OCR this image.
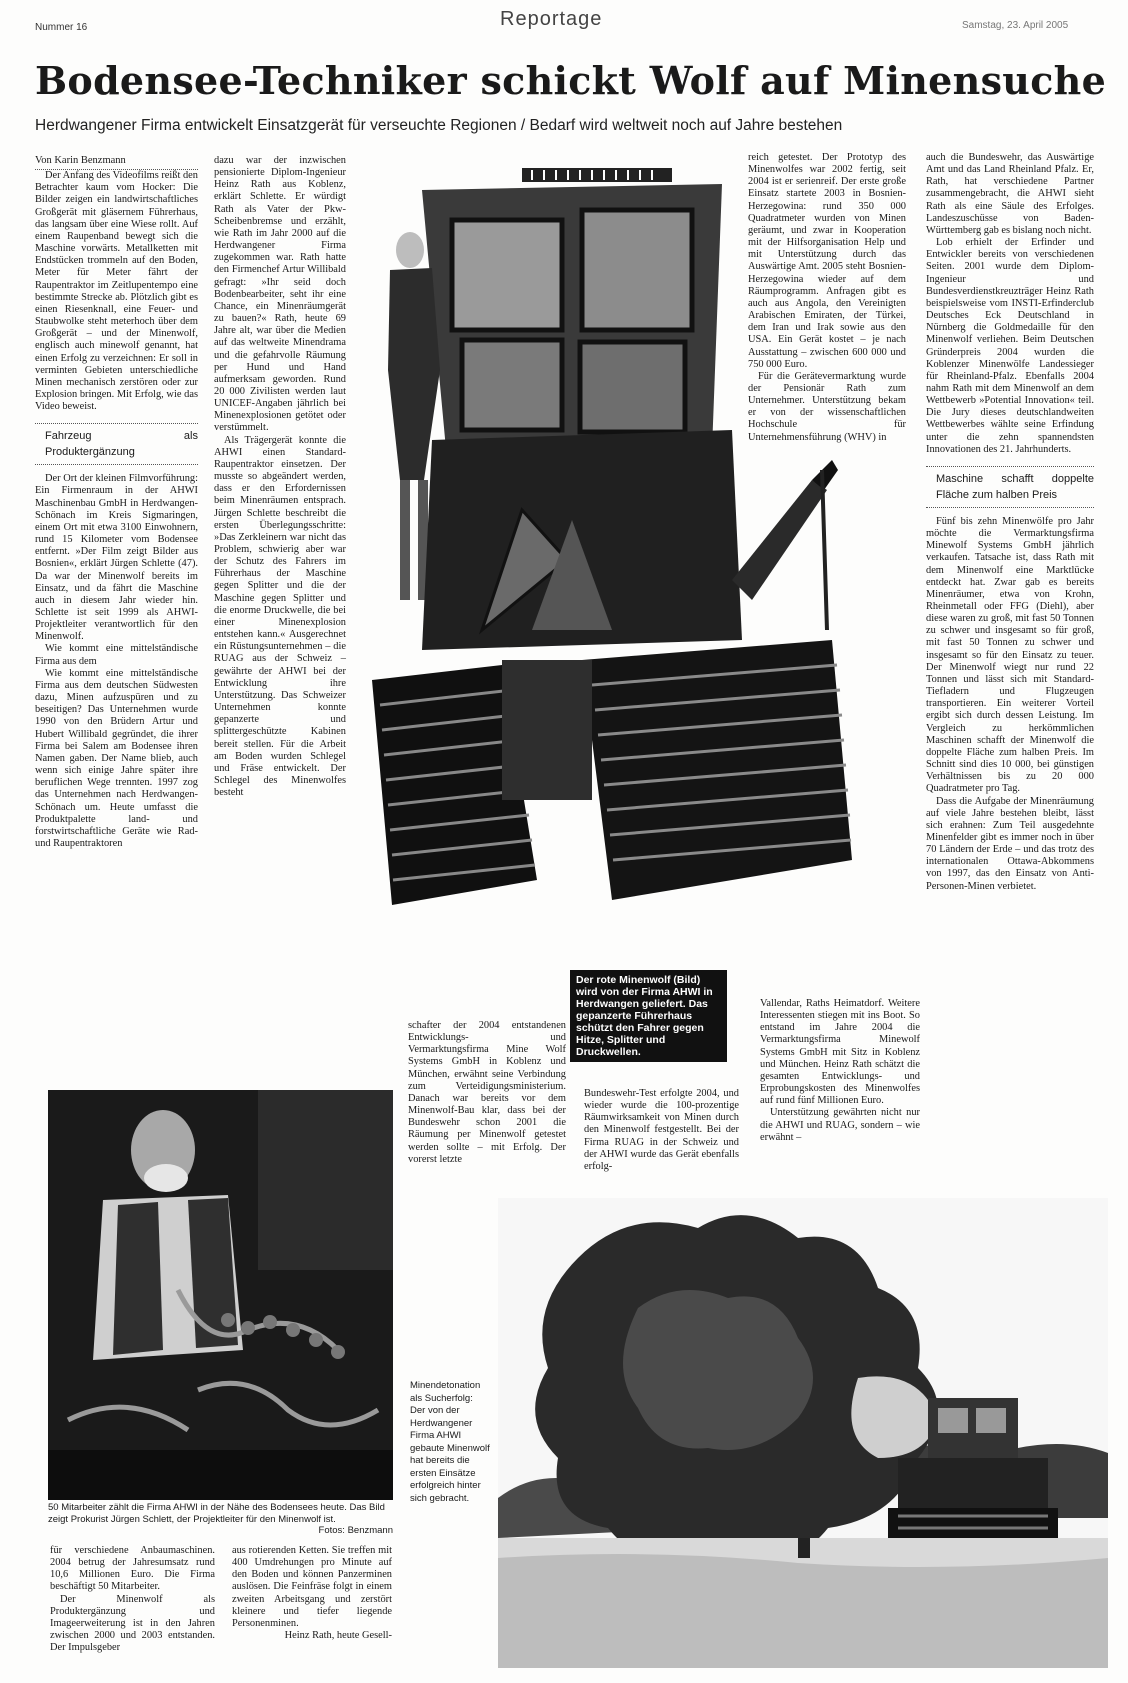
Nummer 16	Reportage	Samstag, 23. April 2005
Bodensee-Techniker schickt Wolf auf Minensuche
Herdwangener Firma entwickelt Einsatzgerät für verseuchte Regionen / Bedarf wird weltweit noch auf Jahre bestehen

Von Karin Benzmann

Der Anfang des Videofilms reißt den Betrachter kaum vom Hocker: Die Bilder zeigen ein landwirtschaftliches Großgerät mit gläsernem Führerhaus, das langsam über eine Wiese rollt. Auf einem Raupenband bewegt sich die Maschine vorwärts. Metallketten mit Endstücken trommeln auf den Boden, Meter für Meter fährt der Raupentraktor im Zeitlupentempo eine bestimmte Strecke ab. Plötzlich gibt es einen Riesenknall, eine Feuer- und Staubwolke steht meterhoch über dem Großgerät – und der Minenwolf, englisch auch minewolf genannt, hat einen Erfolg zu verzeichnen: Er soll in verminten Gebieten unterschiedliche Minen mechanisch zerstören oder zur Explosion bringen. Mit Erfolg, wie das Video beweist.

Fahrzeug als Produktergänzung

Der Ort der kleinen Filmvorführung: Ein Firmenraum in der AHWI Maschinenbau GmbH in Herdwangen-Schönach im Kreis Sigmaringen, einem Ort mit etwa 3100 Einwohnern, rund 15 Kilometer vom Bodensee entfernt. »Der Film zeigt Bilder aus Bosnien«, erklärt Jürgen Schlette (47). Da war der Minenwolf bereits im Einsatz, und da fährt die Maschine auch in diesem Jahr wieder hin. Schlette ist seit 1999 als AHWI-Projektleiter verantwortlich für den Minenwolf.

Wie kommt eine mittelständische Firma aus dem

Wie kommt eine mittelständische Firma aus dem deutschen Südwesten dazu, Minen aufzuspüren und zu beseitigen? Das Unternehmen wurde 1990 von den Brüdern Artur und Hubert Willibald gegründet, die ihrer Firma bei Salem am Bodensee ihren Namen gaben. Der Name blieb, auch wenn sich einige Jahre später ihre beruflichen Wege trennten. 1997 zog das Unternehmen nach Herdwangen-Schönach um. Heute umfasst die Produktpalette land- und forstwirtschaftliche Geräte wie Rad- und Raupentraktoren

dazu war der inzwischen pensionierte Diplom-Ingenieur Heinz Rath aus Koblenz, erklärt Schlette. Er würdigt Rath als Vater der Pkw-Scheibenbremse und erzählt, wie Rath im Jahr 2000 auf die Herdwangener Firma zugekommen war. Rath hatte den Firmenchef Artur Willibald gefragt: »Ihr seid doch Bodenbearbeiter, seht ihr eine Chance, ein Minenräumgerät zu bauen?« Rath, heute 69 Jahre alt, war über die Medien auf das weltweite Minendrama und die gefahrvolle Räumung per Hund und Hand aufmerksam geworden. Rund 20 000 Zivilisten werden laut UNICEF-Angaben jährlich bei Minenexplosionen getötet oder verstümmelt.

Als Trägergerät konnte die AHWI einen Standard-Raupentraktor einsetzen. Der musste so abgeändert werden, dass er den Erfordernissen beim Minenräumen entsprach. Jürgen Schlette beschreibt die ersten Überlegungsschritte: »Das Zerkleinern war nicht das Problem, schwierig aber war der Schutz des Fahrers im Führerhaus der Maschine gegen Splitter und die der Maschine gegen Splitter und die enorme Druckwelle, die bei einer Minenexplosion entstehen kann.« Ausgerechnet ein Rüstungsunternehmen – die RUAG aus der Schweiz – gewährte der AHWI bei der Entwicklung ihre Unterstützung. Das Schweizer Unternehmen konnte gepanzerte und splittergeschützte Kabinen bereit stellen. Für die Arbeit am Boden wurden Schlegel und Fräse entwickelt. Der Schlegel des Minenwolfes besteht

Der rote Minenwolf (Bild) wird von der Firma AHWI in Herdwangen geliefert. Das gepanzerte Führerhaus schützt den Fahrer gegen Hitze, Splitter und Druckwellen.

reich getestet. Der Prototyp des Minenwolfes war 2002 fertig, seit 2004 ist er serienreif. Der erste große Einsatz startete 2003 in Bosnien-Herzegowina: rund 350 000 Quadratmeter wurden von Minen geräumt, und zwar in Kooperation mit der Hilfsorganisation Help und mit Unterstützung durch das Auswärtige Amt. 2005 steht Bosnien-Herzegowina wieder auf dem Räumprogramm. Anfragen gibt es auch aus Angola, den Vereinigten Arabischen Emiraten, der Türkei, dem Iran und Irak sowie aus den USA. Ein Gerät kostet – je nach Ausstattung – zwischen 600 000 und 750 000 Euro.

Für die Gerätevermarktung wurde der Pensionär Rath zum Unternehmer. Unterstützung bekam er von der wissenschaftlichen Hochschule für Unternehmensführung (WHV) in

auch die Bundeswehr, das Auswärtige Amt und das Land Rheinland Pfalz. Er, Rath, hat verschiedene Partner zusammengebracht, die AHWI sieht Rath als eine Säule des Erfolges. Landeszuschüsse von Baden-Württemberg gab es bislang noch nicht.

Lob erhielt der Erfinder und Entwickler bereits von verschiedenen Seiten. 2001 wurde dem Diplom-Ingenieur und Bundesverdienstkreuzträger Heinz Rath beispielsweise vom INSTI-Erfinderclub Deutsches Eck Deutschland in Nürnberg die Goldmedaille für den Minenwolf verliehen. Beim Deutschen Gründerpreis 2004 wurden die Koblenzer Minenwölfe Landessieger für Rheinland-Pfalz. Ebenfalls 2004 nahm Rath mit dem Minenwolf an dem Wettbewerb »Potential Innovation« teil. Die Jury dieses deutschlandweiten Wettbewerbes wählte seine Erfindung unter die zehn spannendsten Innovationen des 21. Jahrhunderts.

Maschine schafft doppelte Fläche zum halben Preis

Fünf bis zehn Minenwölfe pro Jahr möchte die Vermarktungsfirma Minewolf Systems GmbH jährlich verkaufen. Tatsache ist, dass Rath mit dem Minenwolf eine Marktlücke entdeckt hat. Zwar gab es bereits Minenräumer, etwa von Krohn, Rheinmetall oder FFG (Diehl), aber diese waren zu groß, mit fast 50 Tonnen zu schwer und insgesamt so für groß, mit fast 50 Tonnen zu schwer und insgesamt so für den Einsatz zu teuer. Der Minenwolf wiegt nur rund 22 Tonnen und lässt sich mit Standard-Tiefladern und Flugzeugen transportieren. Ein weiterer Vorteil ergibt sich durch dessen Leistung. Im Vergleich zu herkömmlichen Maschinen schafft der Minenwolf die doppelte Fläche zum halben Preis. Im Schnitt sind dies 10 000, bei günstigen Verhältnissen bis zu 20 000 Quadratmeter pro Tag.

Dass die Aufgabe der Minenräumung auf viele Jahre bestehen bleibt, lässt sich erahnen: Zum Teil ausgedehnte Minenfelder gibt es immer noch in über 70 Ländern der Erde – und das trotz des internationalen Ottawa-Abkommens von 1997, das den Einsatz von Anti-Personen-Minen verbietet.

schafter der 2004 entstandenen Entwicklungs- und Vermarktungsfirma Mine Wolf Systems GmbH in Koblenz und München, erwähnt seine Verbindung zum Verteidigungsministerium. Danach war bereits vor dem Minenwolf-Bau klar, dass bei der Bundeswehr schon 2001 die Räumung per Minenwolf getestet werden sollte – mit Erfolg. Der vorerst letzte

Bundeswehr-Test erfolgte 2004, und wieder wurde die 100-prozentige Räumwirksamkeit von Minen durch den Minenwolf festgestellt. Bei der Firma RUAG in der Schweiz und der AHWI wurde das Gerät ebenfalls erfolg-

Vallendar, Raths Heimatdorf. Weitere Interessenten stiegen mit ins Boot. So entstand im Jahre 2004 die Vermarktungsfirma Minewolf Systems GmbH mit Sitz in Koblenz und München. Heinz Rath schätzt die gesamten Entwicklungs- und Erprobungskosten des Minenwolfes auf rund fünf Millionen Euro.

Unterstützung gewährten nicht nur die AHWI und RUAG, sondern – wie erwähnt –

50 Mitarbeiter zählt die Firma AHWI in der Nähe des Bodensees heute. Das Bild zeigt Prokurist Jürgen Schlett, der Projektleiter für den Minenwolf ist.
Fotos: Benzmann

für verschiedene Anbaumaschinen. 2004 betrug der Jahresumsatz rund 10,6 Millionen Euro. Die Firma beschäftigt 50 Mitarbeiter.

Der Minenwolf als Produktergänzung und Imageerweiterung ist in den Jahren zwischen 2000 und 2003 entstanden. Der Impulsgeber

aus rotierenden Ketten. Sie treffen mit 400 Umdrehungen pro Minute auf den Boden und können Panzerminen auslösen. Die Feinfräse folgt in einem zweiten Arbeitsgang und zerstört kleinere und tiefer liegende Personenminen.

Heinz Rath, heute Gesell-

Minendetonation als Sucherfolg: Der von der Herdwangener Firma AHWI gebaute Minenwolf hat bereits die ersten Einsätze erfolgreich hinter sich gebracht.
